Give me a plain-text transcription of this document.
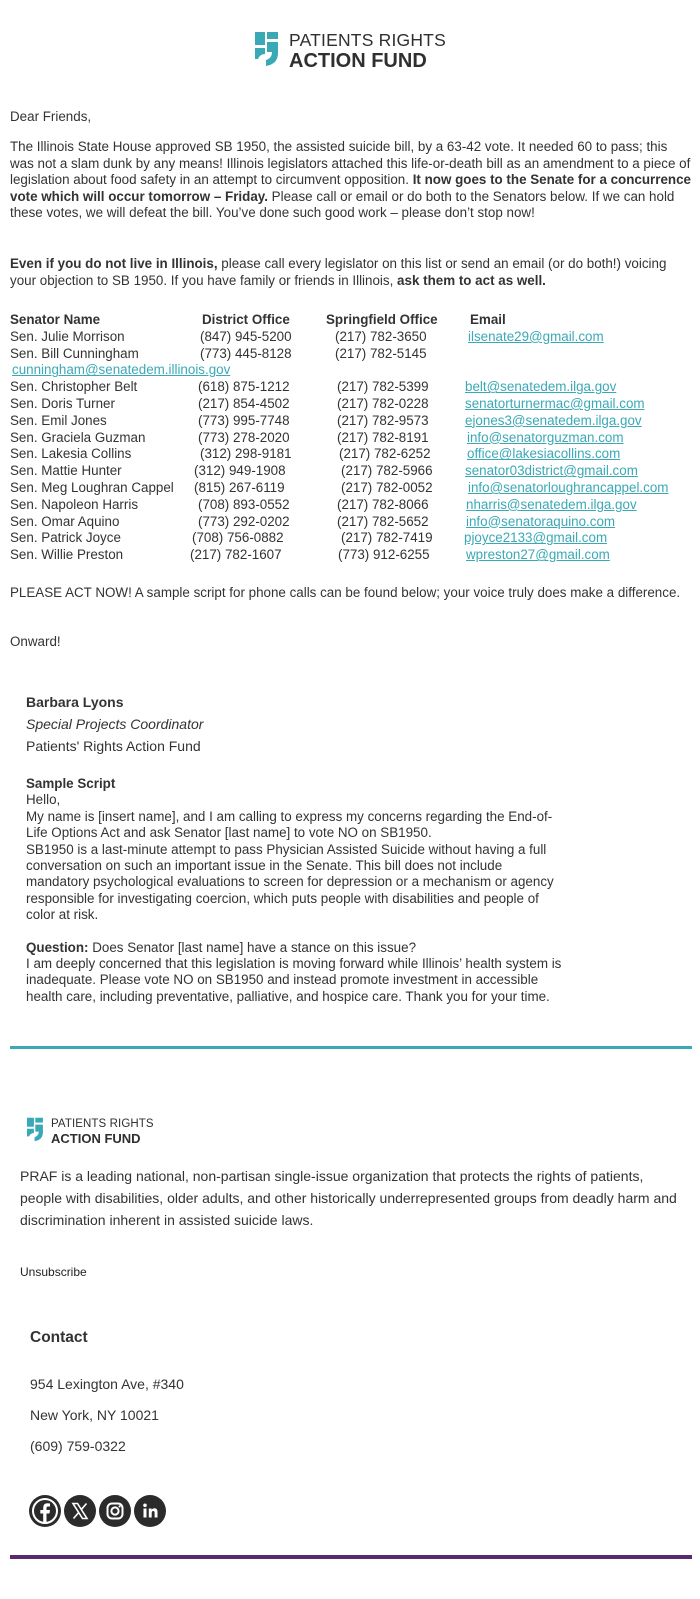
PATIENTS RIGHTS
ACTION FUND

Dear Friends,

The Illinois State House approved SB 1950, the assisted suicide bill, by a 63-42 vote. It needed 60 to pass; this was not a slam dunk by any means! Illinois legislators attached this life-or-death bill as an amendment to a piece of legislation about food safety in an attempt to circumvent opposition. It now goes to the Senate for a concurrence vote which will occur tomorrow – Friday. Please call or email or do both to the Senators below. If we can hold these votes, we will defeat the bill. You’ve done such good work – please don’t stop now!

Even if you do not live in Illinois, please call every legislator on this list or send an email (or do both!) voicing your objection to SB 1950. If you have family or friends in Illinois, ask them to act as well.

Senator Name	District Office	Springfield Office Email
Sen. Julie Morrison	(847) 945-5200	(217) 782-3650	ilsenate29@gmail.com
Sen. Bill Cunningham	(773) 445-8128	(217) 782-5145
cunningham@senatedem.illinois.gov
Sen. Christopher Belt	(618) 875-1212	(217) 782-5399	belt@senatedem.ilga.gov
Sen. Doris Turner	(217) 854-4502	(217) 782-0228	senatorturnermac@gmail.com
Sen. Emil Jones	(773) 995-7748	(217) 782-9573	ejones3@senatedem.ilga.gov
Sen. Graciela Guzman	(773) 278-2020	(217) 782-8191	info@senatorguzman.com
Sen. Lakesia Collins	(312) 298-9181	(217) 782-6252	office@lakesiacollins.com
Sen. Mattie Hunter	(312) 949-1908	(217) 782-5966 senator03district@gmail.com
Sen. Meg Loughran Cappel (815) 267-6119	(217) 782-0052	info@senatorloughrancappel.com
Sen. Napoleon Harris	(708) 893-0552	(217) 782-8066	nharris@senatedem.ilga.gov
Sen. Omar Aquino	(773) 292-0202	(217) 782-5652	info@senatoraquino.com
Sen. Patrick Joyce	(708) 756-0882	(217) 782-7419 pjoyce2133@gmail.com
Sen. Willie Preston	(217) 782-1607	(773) 912-6255	wpreston27@gmail.com

PLEASE ACT NOW! A sample script for phone calls can be found below; your voice truly does make a difference.

Onward!

Barbara Lyons
Special Projects Coordinator
Patients' Rights Action Fund
Sample Script
Hello,
My name is [insert name], and I am calling to express my concerns regarding the End-of-Life Options Act and ask Senator [last name] to vote NO on SB1950.
SB1950 is a last-minute attempt to pass Physician Assisted Suicide without having a full conversation on such an important issue in the Senate. This bill does not include mandatory psychological evaluations to screen for depression or a mechanism or agency responsible for investigating coercion, which puts people with disabilities and people of color at risk.
Question: Does Senator [last name] have a stance on this issue?
I am deeply concerned that this legislation is moving forward while Illinois’ health system is inadequate. Please vote NO on SB1950 and instead promote investment in accessible health care, including preventative, palliative, and hospice care. Thank you for your time.
PATIENTS RIGHTS
ACTION FUND

PRAF is a leading national, non-partisan single-issue organization that protects the rights of patients, people with disabilities, older adults, and other historically underrepresented groups from deadly harm and discrimination inherent in assisted suicide laws.

Unsubscribe
Contact
954 Lexington Ave, #340
New York, NY 10021
(609) 759-0322
